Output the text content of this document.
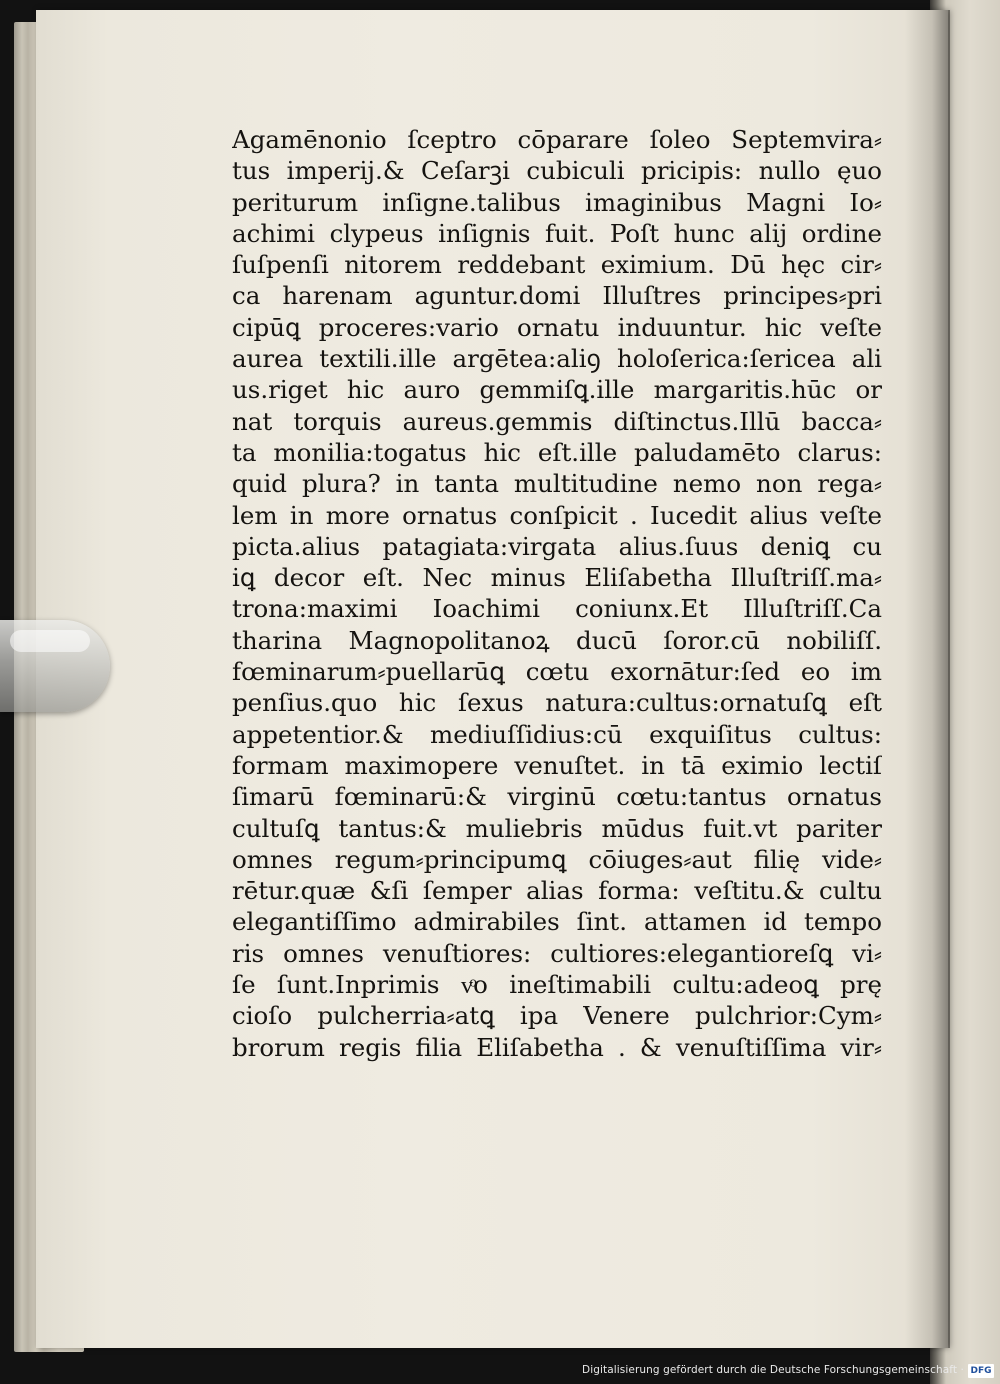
Agamēnonio ſceptro cōparare ſoleo Septemvira⸗
tus imperij.& Ceſarꝫi cubiculi pricipis: nullo ęuo
periturum inſigne.talibus imaginibus Magni Io⸗
achimi clypeus inſignis fuit. Poſt hunc alij ordine
ſuſpenſi nitorem reddebant eximium. Dū hęc cir⸗
ca harenam aguntur.domi Illuſtres principes⸗pri
cipūꝗ proceres:vario ornatu induuntur. hic veſte
aurea textili.ille argētea:aliꝯ holoſerica:ſericea ali
us.riget hic auro gemmiſꝗ.ille margaritis.hūc or
nat torquis aureus.gemmis diſtinctus.Illū bacca⸗
ta monilia:togatus hic eſt.ille paludamēto clarus:
quid plura? in tanta multitudine nemo non rega⸗
lem in more ornatus conſpicit . Iucedit alius veſte
picta.alius patagiata:virgata alius.ſuus deniꝗ cu
iꝗ decor eſt. Nec minus Eliſabetha Illuſtriſſ.ma⸗
trona:maximi Ioachimi coniunx.Et Illuſtriſſ.Ca
tharina Magnopolitanoꝝ ducū ſoror.cū nobiliſſ.
fœminarum⸗puellarūꝗ cœtu exornātur:ſed eo im
penſius.quo hic ſexus natura:cultus:ornatuſꝗ eſt
appetentior.& mediuſſidius:cū exquiſitus cultus:
formam maximopere venuſtet. in tā eximio lectiſ
ſimarū fœminarū:& virginū cœtu:tantus ornatus
cultuſꝗ tantus:& muliebris mūdus fuit.vt pariter
omnes regum⸗principumꝗ cōiuges⸗aut filię vide⸗
rētur.quæ &ſi ſemper alias forma: veſtitu.& cultu
elegantiſſimo admirabiles ſint. attamen id tempo
ris omnes venuſtiores: cultiores:elegantioreſꝗ vi⸗
ſe ſunt.Inprimis vͦo ineſtimabili cultu:adeoꝗ prę
cioſo pulcherria⸗atꝗ ipa Venere pulchrior:Cym⸗
brorum regis filia Eliſabetha . & venuſtiſſima vir⸗
Digitalisierung gefördert durch die Deutsche Forschungsgemeinschaft · DFG
